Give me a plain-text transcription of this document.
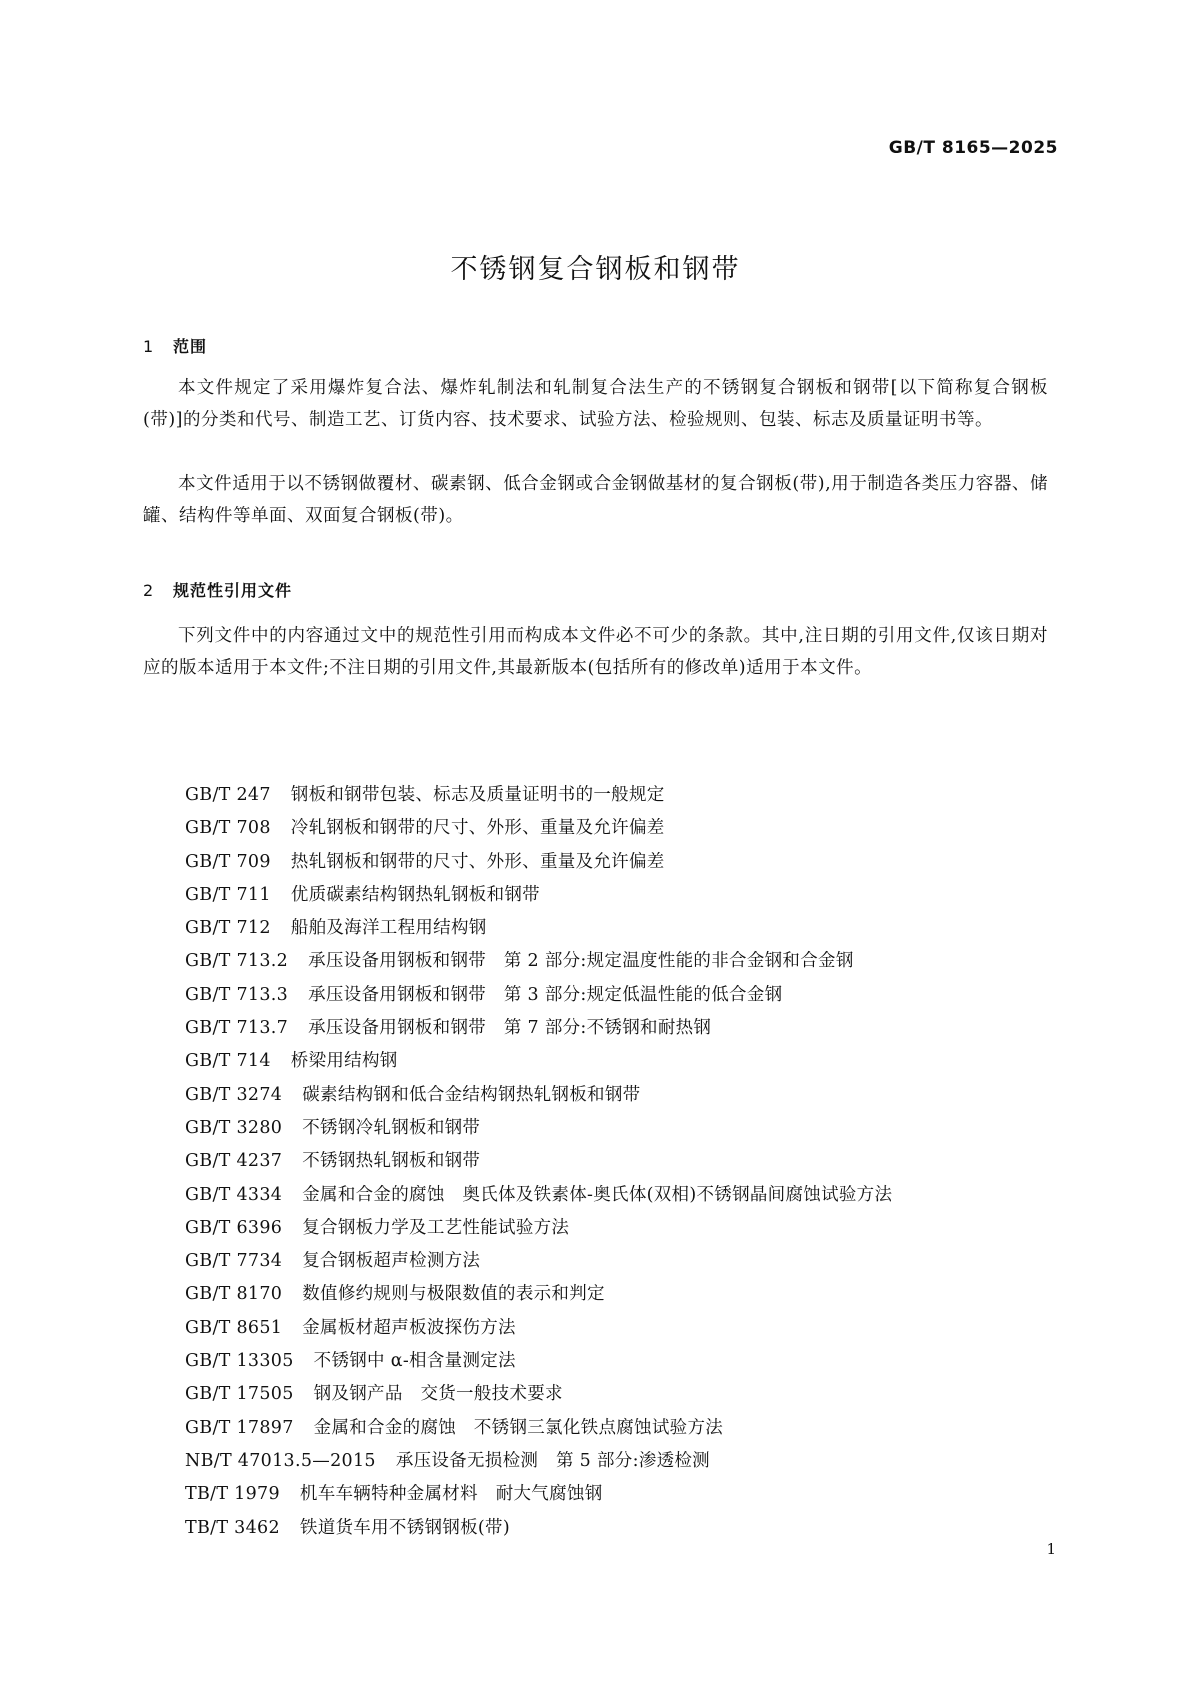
GB/T 8165—2025
不锈钢复合钢板和钢带
1 范围

本文件规定了采用爆炸复合法、爆炸轧制法和轧制复合法生产的不锈钢复合钢板和钢带[以下简称复合钢板(带)]的分类和代号、制造工艺、订货内容、技术要求、试验方法、检验规则、包装、标志及质量证明书等。

本文件适用于以不锈钢做覆材、碳素钢、低合金钢或合金钢做基材的复合钢板(带),用于制造各类压力容器、储罐、结构件等单面、双面复合钢板(带)。

2 规范性引用文件

下列文件中的内容通过文中的规范性引用而构成本文件必不可少的条款。其中,注日期的引用文件,仅该日期对应的版本适用于本文件;不注日期的引用文件,其最新版本(包括所有的修改单)适用于本文件。

GB/T 247 钢板和钢带包装、标志及质量证明书的一般规定
GB/T 708 冷轧钢板和钢带的尺寸、外形、重量及允许偏差
GB/T 709 热轧钢板和钢带的尺寸、外形、重量及允许偏差
GB/T 711 优质碳素结构钢热轧钢板和钢带
GB/T 712 船舶及海洋工程用结构钢
GB/T 713.2 承压设备用钢板和钢带　第 2 部分:规定温度性能的非合金钢和合金钢
GB/T 713.3 承压设备用钢板和钢带　第 3 部分:规定低温性能的低合金钢
GB/T 713.7 承压设备用钢板和钢带　第 7 部分:不锈钢和耐热钢
GB/T 714 桥梁用结构钢
GB/T 3274 碳素结构钢和低合金结构钢热轧钢板和钢带
GB/T 3280 不锈钢冷轧钢板和钢带
GB/T 4237 不锈钢热轧钢板和钢带
GB/T 4334 金属和合金的腐蚀　奥氏体及铁素体-奥氏体(双相)不锈钢晶间腐蚀试验方法
GB/T 6396 复合钢板力学及工艺性能试验方法
GB/T 7734 复合钢板超声检测方法
GB/T 8170 数值修约规则与极限数值的表示和判定
GB/T 8651 金属板材超声板波探伤方法
GB/T 13305 不锈钢中 α-相含量测定法
GB/T 17505 钢及钢产品　交货一般技术要求
GB/T 17897 金属和合金的腐蚀　不锈钢三氯化铁点腐蚀试验方法
NB/T 47013.5—2015 承压设备无损检测　第 5 部分:渗透检测
TB/T 1979 机车车辆特种金属材料　耐大气腐蚀钢
TB/T 3462 铁道货车用不锈钢钢板(带)
1
